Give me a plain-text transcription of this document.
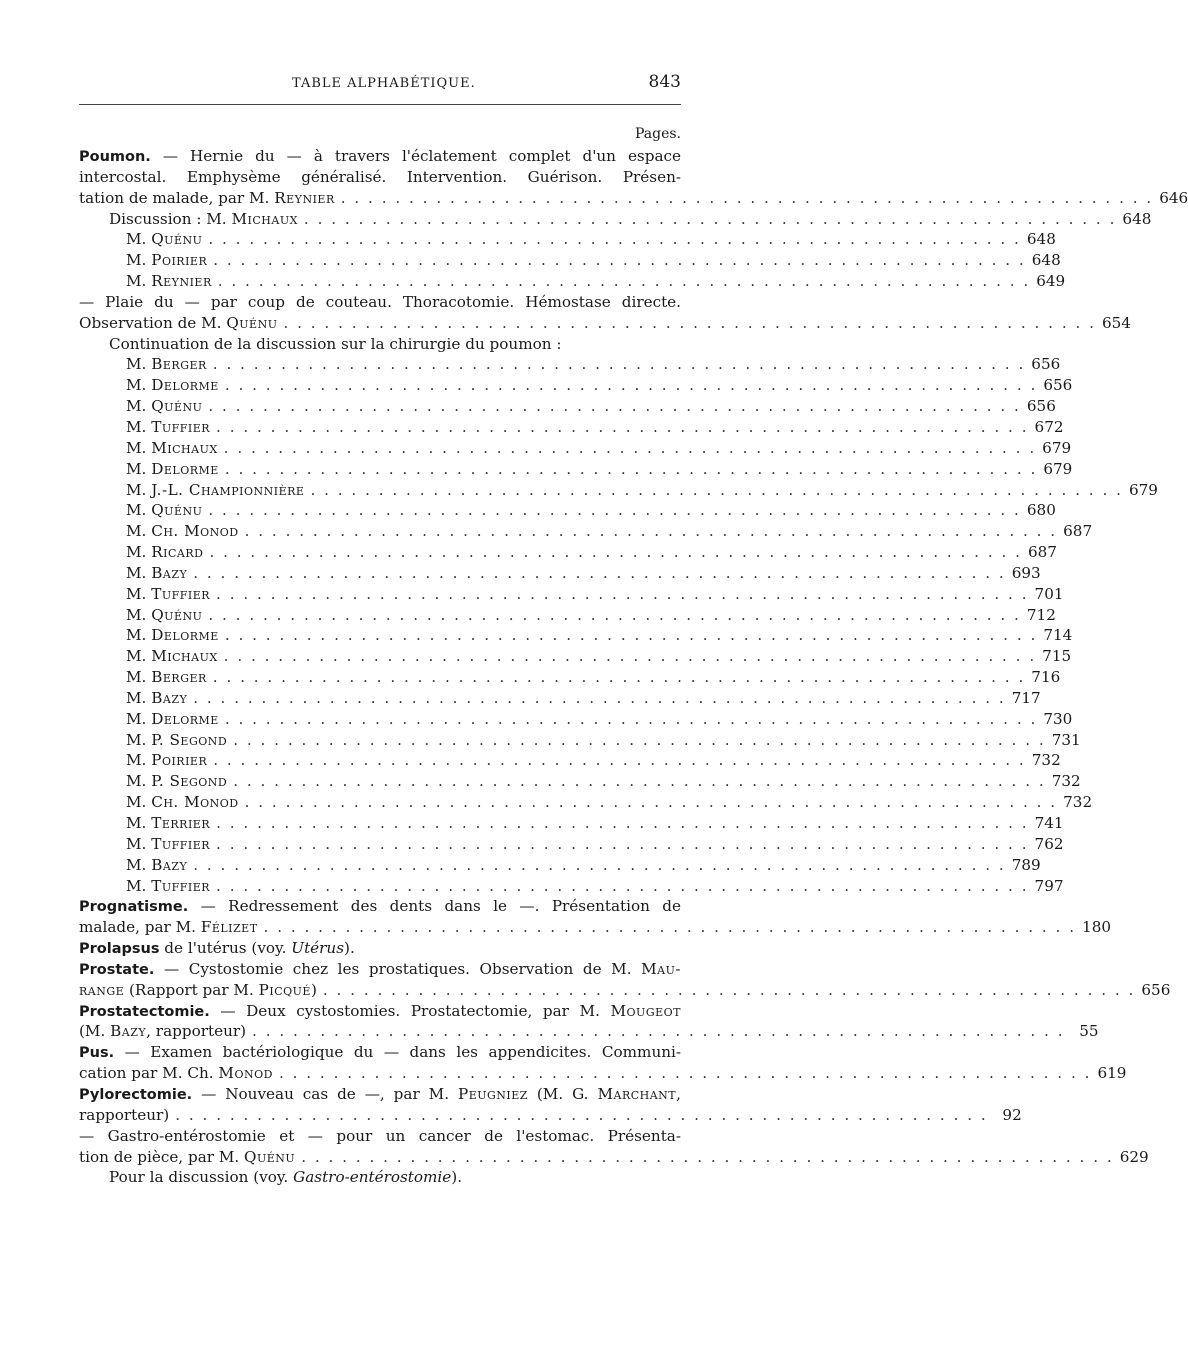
TABLE ALPHABÉTIQUE.	843
Pages.
Poumon. — Hernie du — à travers l'éclatement complet d'un espace
intercostal. Emphysème généralisé. Intervention. Guérison. Présen-
tation de malade, par M. Reynier . . . . . . . . . . . . . . . . . . . . . . . . . . . . . . . . . . . . . . . . . . . . . . . . . . . . . . . . . . . . 646
Discussion : M. Michaux . . . . . . . . . . . . . . . . . . . . . . . . . . . . . . . . . . . . . . . . . . . . . . . . . . . . . . . . . . . . 648
M. Quénu . . . . . . . . . . . . . . . . . . . . . . . . . . . . . . . . . . . . . . . . . . . . . . . . . . . . . . . . . . . . 648
M. Poirier . . . . . . . . . . . . . . . . . . . . . . . . . . . . . . . . . . . . . . . . . . . . . . . . . . . . . . . . . . . . 648
M. Reynier . . . . . . . . . . . . . . . . . . . . . . . . . . . . . . . . . . . . . . . . . . . . . . . . . . . . . . . . . . . . 649
— Plaie du — par coup de couteau. Thoracotomie. Hémostase directe.
Observation de M. Quénu . . . . . . . . . . . . . . . . . . . . . . . . . . . . . . . . . . . . . . . . . . . . . . . . . . . . . . . . . . . . 654
Continuation de la discussion sur la chirurgie du poumon :
M. Berger . . . . . . . . . . . . . . . . . . . . . . . . . . . . . . . . . . . . . . . . . . . . . . . . . . . . . . . . . . . . 656
M. Delorme . . . . . . . . . . . . . . . . . . . . . . . . . . . . . . . . . . . . . . . . . . . . . . . . . . . . . . . . . . . . 656
M. Quénu . . . . . . . . . . . . . . . . . . . . . . . . . . . . . . . . . . . . . . . . . . . . . . . . . . . . . . . . . . . . 656
M. Tuffier . . . . . . . . . . . . . . . . . . . . . . . . . . . . . . . . . . . . . . . . . . . . . . . . . . . . . . . . . . . . 672
M. Michaux . . . . . . . . . . . . . . . . . . . . . . . . . . . . . . . . . . . . . . . . . . . . . . . . . . . . . . . . . . . . 679
M. Delorme . . . . . . . . . . . . . . . . . . . . . . . . . . . . . . . . . . . . . . . . . . . . . . . . . . . . . . . . . . . . 679
M. J.-L. Championnière . . . . . . . . . . . . . . . . . . . . . . . . . . . . . . . . . . . . . . . . . . . . . . . . . . . . . . . . . . . . 679
M. Quénu . . . . . . . . . . . . . . . . . . . . . . . . . . . . . . . . . . . . . . . . . . . . . . . . . . . . . . . . . . . . 680
M. Ch. Monod . . . . . . . . . . . . . . . . . . . . . . . . . . . . . . . . . . . . . . . . . . . . . . . . . . . . . . . . . . . . 687
M. Ricard . . . . . . . . . . . . . . . . . . . . . . . . . . . . . . . . . . . . . . . . . . . . . . . . . . . . . . . . . . . . 687
M. Bazy . . . . . . . . . . . . . . . . . . . . . . . . . . . . . . . . . . . . . . . . . . . . . . . . . . . . . . . . . . . . 693
M. Tuffier . . . . . . . . . . . . . . . . . . . . . . . . . . . . . . . . . . . . . . . . . . . . . . . . . . . . . . . . . . . . 701
M. Quénu . . . . . . . . . . . . . . . . . . . . . . . . . . . . . . . . . . . . . . . . . . . . . . . . . . . . . . . . . . . . 712
M. Delorme . . . . . . . . . . . . . . . . . . . . . . . . . . . . . . . . . . . . . . . . . . . . . . . . . . . . . . . . . . . . 714
M. Michaux . . . . . . . . . . . . . . . . . . . . . . . . . . . . . . . . . . . . . . . . . . . . . . . . . . . . . . . . . . . . 715
M. Berger . . . . . . . . . . . . . . . . . . . . . . . . . . . . . . . . . . . . . . . . . . . . . . . . . . . . . . . . . . . . 716
M. Bazy . . . . . . . . . . . . . . . . . . . . . . . . . . . . . . . . . . . . . . . . . . . . . . . . . . . . . . . . . . . . 717
M. Delorme . . . . . . . . . . . . . . . . . . . . . . . . . . . . . . . . . . . . . . . . . . . . . . . . . . . . . . . . . . . . 730
M. P. Segond . . . . . . . . . . . . . . . . . . . . . . . . . . . . . . . . . . . . . . . . . . . . . . . . . . . . . . . . . . . . 731
M. Poirier . . . . . . . . . . . . . . . . . . . . . . . . . . . . . . . . . . . . . . . . . . . . . . . . . . . . . . . . . . . . 732
M. P. Segond . . . . . . . . . . . . . . . . . . . . . . . . . . . . . . . . . . . . . . . . . . . . . . . . . . . . . . . . . . . . 732
M. Ch. Monod . . . . . . . . . . . . . . . . . . . . . . . . . . . . . . . . . . . . . . . . . . . . . . . . . . . . . . . . . . . . 732
M. Terrier . . . . . . . . . . . . . . . . . . . . . . . . . . . . . . . . . . . . . . . . . . . . . . . . . . . . . . . . . . . . 741
M. Tuffier . . . . . . . . . . . . . . . . . . . . . . . . . . . . . . . . . . . . . . . . . . . . . . . . . . . . . . . . . . . . 762
M. Bazy . . . . . . . . . . . . . . . . . . . . . . . . . . . . . . . . . . . . . . . . . . . . . . . . . . . . . . . . . . . . 789
M. Tuffier . . . . . . . . . . . . . . . . . . . . . . . . . . . . . . . . . . . . . . . . . . . . . . . . . . . . . . . . . . . . 797
Prognatisme. — Redressement des dents dans le —. Présentation de
malade, par M. Félizet . . . . . . . . . . . . . . . . . . . . . . . . . . . . . . . . . . . . . . . . . . . . . . . . . . . . . . . . . . . . 180
Prolapsus de l'utérus (voy. Utérus).
Prostate. — Cystostomie chez les prostatiques. Observation de M. Mau-
range (Rapport par M. Picqué) . . . . . . . . . . . . . . . . . . . . . . . . . . . . . . . . . . . . . . . . . . . . . . . . . . . . . . . . . . . . 656
Prostatectomie. — Deux cystostomies. Prostatectomie, par M. Mougeot
(M. Bazy, rapporteur) . . . . . . . . . . . . . . . . . . . . . . . . . . . . . . . . . . . . . . . . . . . . . . . . . . . . . . . . . . . . 55
Pus. — Examen bactériologique du — dans les appendicites. Communi-
cation par M. Ch. Monod . . . . . . . . . . . . . . . . . . . . . . . . . . . . . . . . . . . . . . . . . . . . . . . . . . . . . . . . . . . . 619
Pylorectomie. — Nouveau cas de —, par M. Peugniez (M. G. Marchant,
rapporteur) . . . . . . . . . . . . . . . . . . . . . . . . . . . . . . . . . . . . . . . . . . . . . . . . . . . . . . . . . . . . 92
— Gastro-entérostomie et — pour un cancer de l'estomac. Présenta-
tion de pièce, par M. Quénu . . . . . . . . . . . . . . . . . . . . . . . . . . . . . . . . . . . . . . . . . . . . . . . . . . . . . . . . . . . . 629
Pour la discussion (voy. Gastro-entérostomie).
